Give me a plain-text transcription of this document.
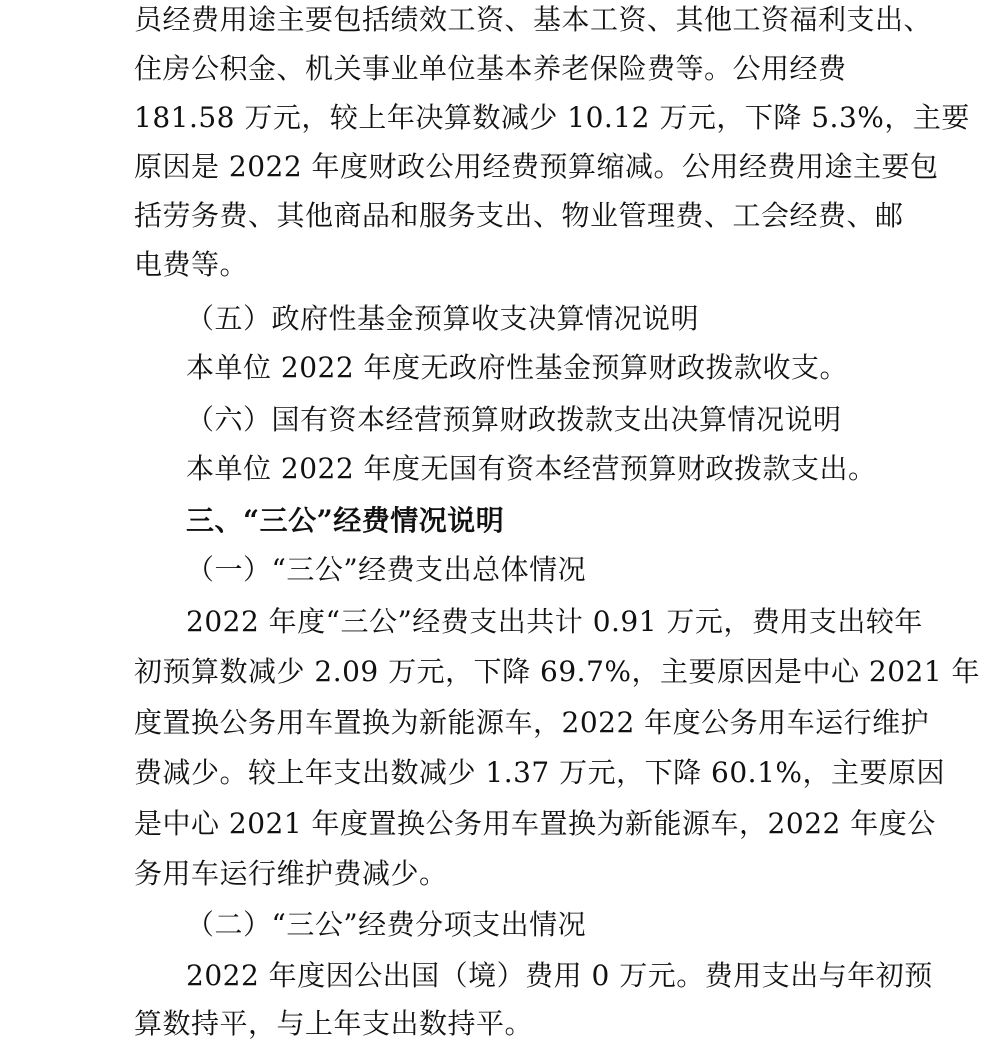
员经费用途主要包括绩效工资、基本工资、其他工资福利支出、
住房公积金、机关事业单位基本养老保险费等。公用经费
181.58 万元，较上年决算数减少 10.12 万元，下降 5.3%，主要
原因是 2022 年度财政公用经费预算缩减。公用经费用途主要包
括劳务费、其他商品和服务支出、物业管理费、工会经费、邮
电费等。
（五）政府性基金预算收支决算情况说明
本单位 2022 年度无政府性基金预算财政拨款收支。
（六）国有资本经营预算财政拨款支出决算情况说明
本单位 2022 年度无国有资本经营预算财政拨款支出。
三、“三公”经费情况说明
（一）“三公”经费支出总体情况
2022 年度“三公”经费支出共计 0.91 万元，费用支出较年
初预算数减少 2.09 万元，下降 69.7%，主要原因是中心 2021 年
度置换公务用车置换为新能源车，2022 年度公务用车运行维护
费减少。较上年支出数减少 1.37 万元，下降 60.1%，主要原因
是中心 2021 年度置换公务用车置换为新能源车，2022 年度公
务用车运行维护费减少。
（二）“三公”经费分项支出情况
2022 年度因公出国（境）费用 0 万元。费用支出与年初预
算数持平，与上年支出数持平。
